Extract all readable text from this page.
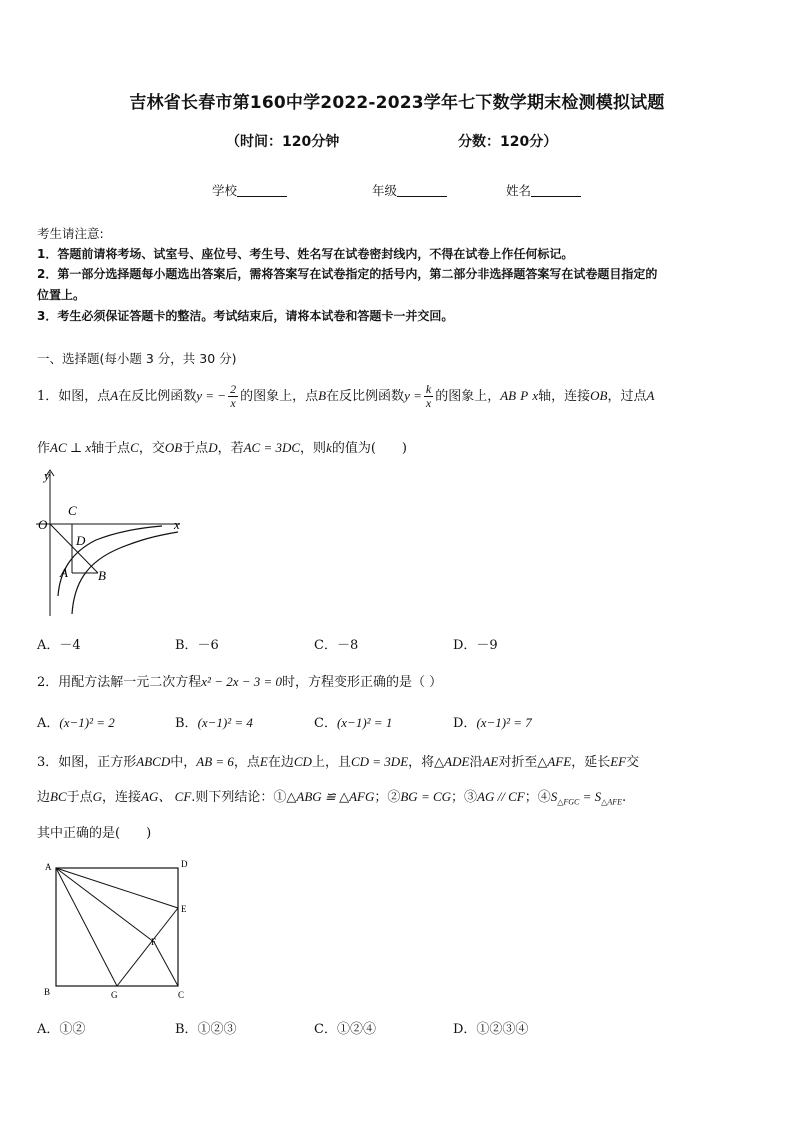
吉林省长春市第160中学2022-2023学年七下数学期末检测模拟试题
（时间：120分钟	分数：120分）
学校	年级	姓名
考生请注意:
1．答题前请将考场、试室号、座位号、考生号、姓名写在试卷密封线内，不得在试卷上作任何标记。
2．第一部分选择题每小题选出答案后，需将答案写在试卷指定的括号内，第二部分非选择题答案写在试卷题目指定的
位置上。
3．考生必须保证答题卡的整洁。考试结束后，请将本试卷和答题卡一并交回。
一、选择题(每小题 3 分，共 30 分)
1．如图，点A在反比例函数y = − $\frac{2}{x}$ 的图象上，点B在反比例函数$y = \frac{k}{x}$ 的图象上，AB P x轴，连接OB，过点A
作AC ⊥ x轴于点C，交OB于点D，若AC = 3DC，则k的值为(　　)
y
x
O
C
D
A B
A．－4	B．－6	C．－8	D．－9
2．用配方法解一元二次方程x² − 2x − 3 = 0时，方程变形正确的是（ ）
A．(x−1)² = 2	B．(x−1)² = 4	C．(x−1)² = 1	D．(x−1)² = 7
3．如图，正方形ABCD中，AB = 6，点E在边CD上，且CD = 3DE，将△ADE沿AE对折至△AFE，延长EF交
边BC于点G，连接AG、 CF.则下列结论：①△ABG ≌ △AFG；②BG = CG；③AG // CF；$④S_{\triangle FGC} = S_{\triangle AFE}$.
其中正确的是(　　)
A	D
E
F
B	G	C
A．①②	B．①②③	C．①②④	D．①②③④
